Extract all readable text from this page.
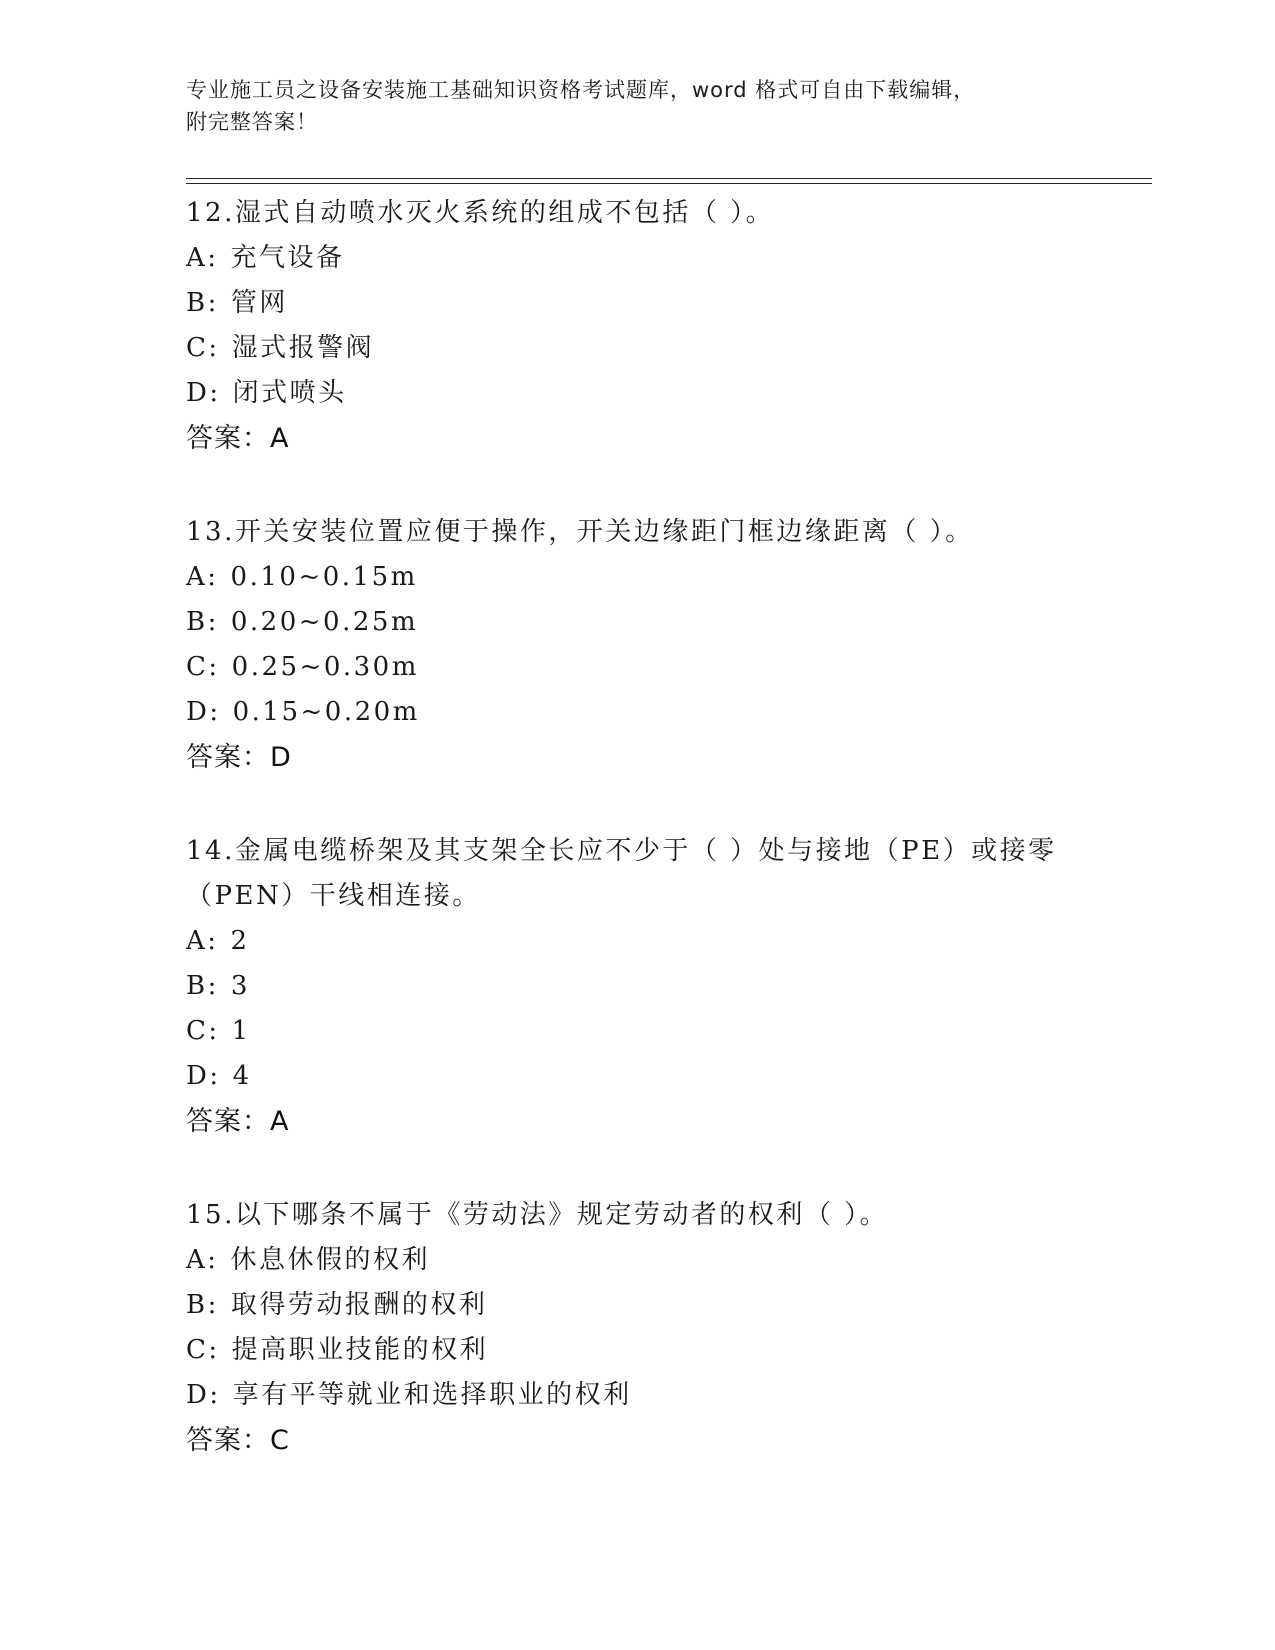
专业施工员之设备安装施工基础知识资格考试题库，word 格式可自由下载编辑，
附完整答案！
12.湿式自动喷水灭火系统的组成不包括（ ）。
A: 充气设备
B: 管网
C: 湿式报警阀
D: 闭式喷头
答案：A
13.开关安装位置应便于操作，开关边缘距门框边缘距离（ ）。
A: 0.10~0.15m
B: 0.20~0.25m
C: 0.25~0.30m
D: 0.15~0.20m
答案：D
14.金属电缆桥架及其支架全长应不少于（ ）处与接地（PE）或接零
（PEN）干线相连接。
A: 2
B: 3
C: 1
D: 4
答案：A
15.以下哪条不属于《劳动法》规定劳动者的权利（ ）。
A: 休息休假的权利
B: 取得劳动报酬的权利
C: 提高职业技能的权利
D: 享有平等就业和选择职业的权利
答案：C
